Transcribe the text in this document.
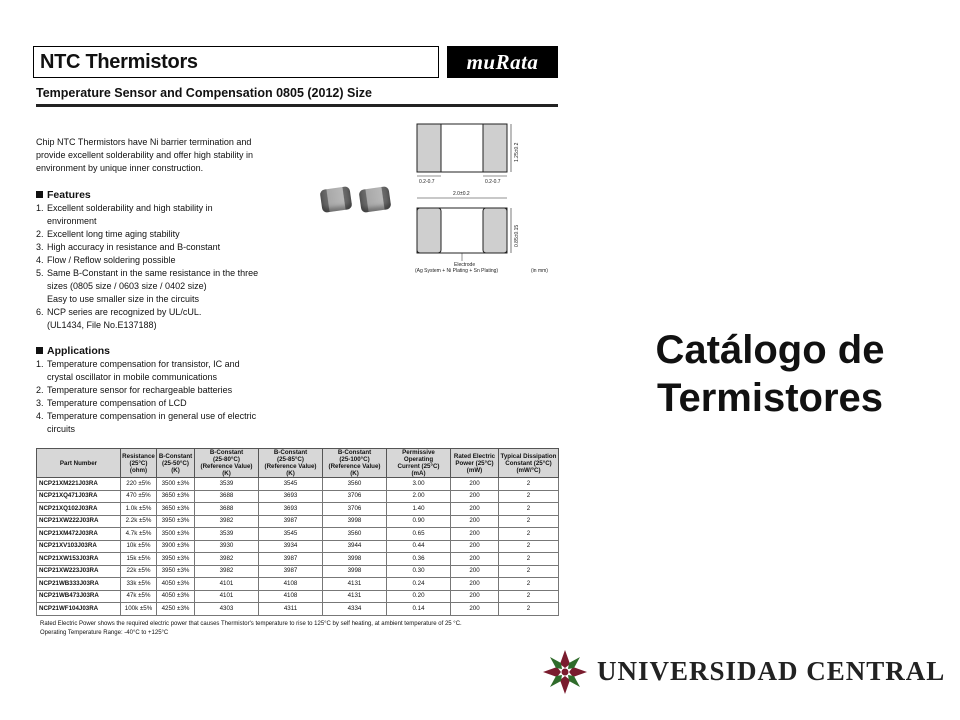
NTC Thermistors	muRata
Temperature Sensor and Compensation 0805 (2012) Size
Chip NTC Thermistors have Ni barrier termination and provide excellent solderability and offer high stability in environment by unique inner construction.
1.25±0.2
0.2-0.7	0.2-0.7
2.0±0.2
0.85±0.15
Electrode
(Ag System + Ni Plating + Sn Plating)	(in mm)
Features
1. Excellent solderability and high stability in
environment
2. Excellent long time aging stability
3. High accuracy in resistance and B-constant
4. Flow / Reflow soldering possible
5. Same B-Constant in the same resistance in the three
sizes (0805 size / 0603 size / 0402 size)
Easy to use smaller size in the circuits
6. NCP series are recognized by UL/cUL.
(UL1434, File No.E137188)
Applications
1. Temperature compensation for transistor, IC and
crystal oscillator in mobile communications
2. Temperature sensor for rechargeable batteries
3. Temperature compensation of LCD
4. Temperature compensation in general use of electric
circuits
Part Number	Resistance
(25°C)
(ohm)	B-Constant
(25-50°C)
(K)	B-Constant
(25-80°C)
(Reference Value) (K)	B-Constant
(25-85°C)
(Reference Value) (K)	B-Constant
(25-100°C)
(Reference Value) (K)	Permissive Operating
Current (25°C)
(mA)	Rated Electric
Power (25°C)
(mW)	Typical Dissipation
Constant (25°C)
(mW/°C)
NCP21XM221J03RA	220 ±5%	3500 ±3%	3539	3545	3560	3.00	200	2
NCP21XQ471J03RA	470 ±5%	3650 ±3%	3688	3693	3706	2.00	200	2
NCP21XQ102J03RA	1.0k ±5%	3650 ±3%	3688	3693	3706	1.40	200	2
NCP21XW222J03RA	2.2k ±5%	3950 ±3%	3982	3987	3998	0.90	200	2
NCP21XM472J03RA	4.7k ±5%	3500 ±3%	3539	3545	3560	0.65	200	2
NCP21XV103J03RA	10k ±5%	3900 ±3%	3930	3934	3944	0.44	200	2
NCP21XW153J03RA	15k ±5%	3950 ±3%	3982	3987	3998	0.36	200	2
NCP21XW223J03RA	22k ±5%	3950 ±3%	3982	3987	3998	0.30	200	2
NCP21WB333J03RA	33k ±5%	4050 ±3%	4101	4108	4131	0.24	200	2
NCP21WB473J03RA	47k ±5%	4050 ±3%	4101	4108	4131	0.20	200	2
NCP21WF104J03RA	100k ±5%	4250 ±3%	4303	4311	4334	0.14	200	2
Rated Electric Power shows the required electric power that causes Thermistor's temperature to rise to 125°C by self heating, at ambient temperature of 25 °C.
Operating Temperature Range: -40°C to +125°C
Catálogo de
Termistores
UNIVERSIDAD CENTRAL
